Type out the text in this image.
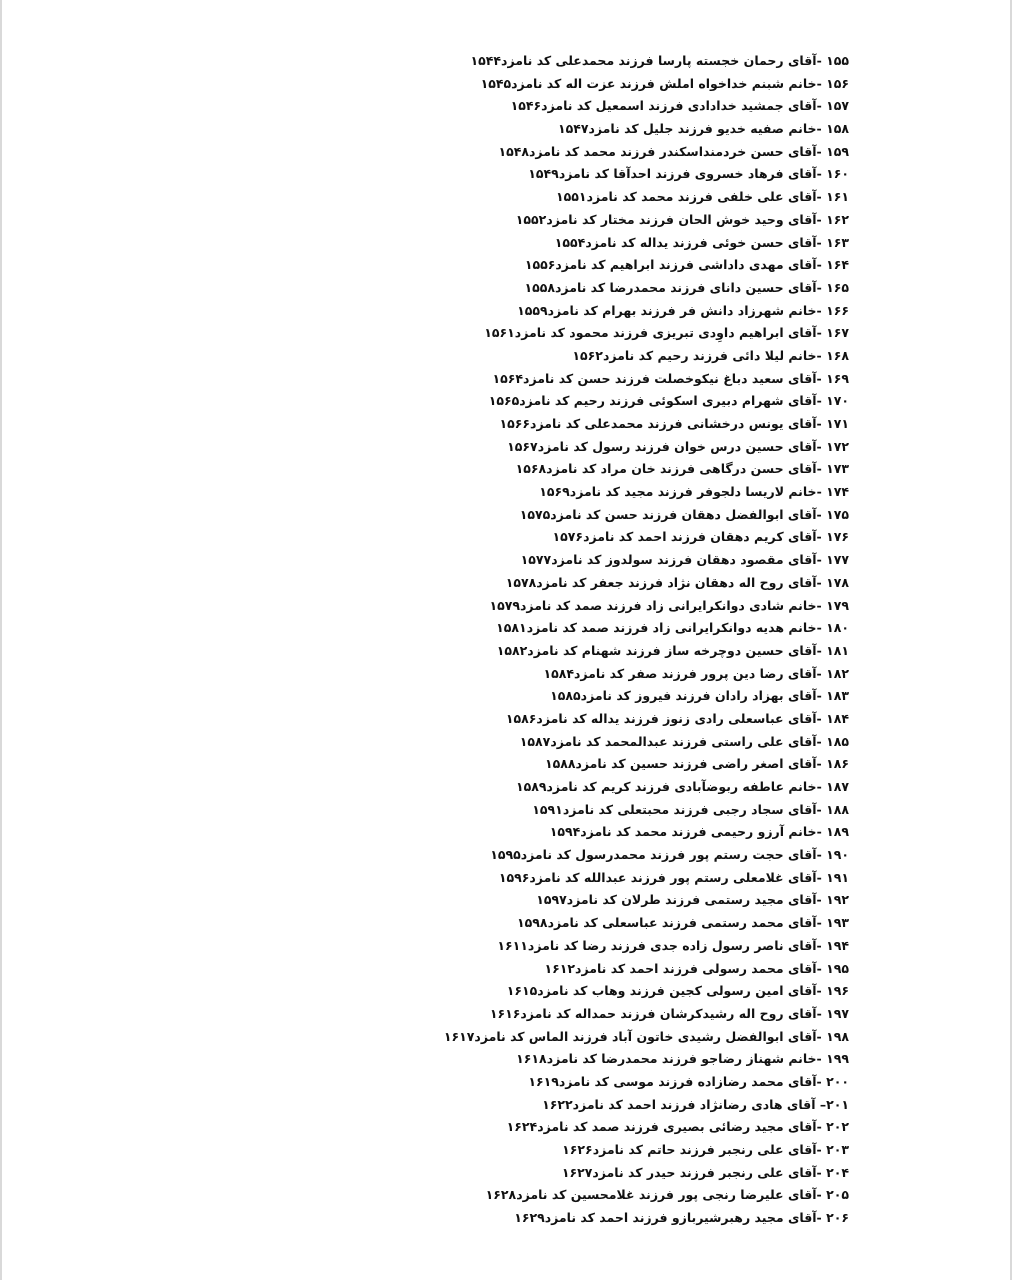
۱۵۵ -آقای رحمان خجسته پارسا فرزند محمدعلی کد نامزد۱۵۴۴
۱۵۶ -خانم شبنم خداخواه املش فرزند عزت اله کد نامزد۱۵۴۵
۱۵۷ -آقای جمشید خدادادی فرزند اسمعیل کد نامزد۱۵۴۶
۱۵۸ -خانم صفیه خدیو فرزند جلیل کد نامزد۱۵۴۷
۱۵۹ -آقای حسن خردمنداسکندر فرزند محمد کد نامزد۱۵۴۸
۱۶۰ -آقای فرهاد خسروی فرزند احدآقا کد نامزد۱۵۴۹
۱۶۱ -آقای علی خلفی فرزند محمد کد نامزد۱۵۵۱
۱۶۲ -آقای وحید خوش الحان فرزند مختار کد نامزد۱۵۵۲
۱۶۳ -آقای حسن خوئی فرزند یداله کد نامزد۱۵۵۴
۱۶۴ -آقای مهدی داداشی فرزند ابراهیم کد نامزد۱۵۵۶
۱۶۵ -آقای حسین دانای فرزند محمدرضا کد نامزد۱۵۵۸
۱۶۶ -خانم شهرزاد دانش فر فرزند بهرام کد نامزد۱۵۵۹
۱۶۷ -آقای ابراهیم داوِدی تبریزی فرزند محمود کد نامزد۱۵۶۱
۱۶۸ -خانم لیلا دائی فرزند رحیم کد نامزد۱۵۶۲
۱۶۹ -آقای سعید دباغ نیکوخصلت فرزند حسن کد نامزد۱۵۶۴
۱۷۰ -آقای شهرام دبیری اسکوئی فرزند رحیم کد نامزد۱۵۶۵
۱۷۱ -آقای یونس درخشانی فرزند محمدعلی کد نامزد۱۵۶۶
۱۷۲ -آقای حسین درس خوان فرزند رسول کد نامزد۱۵۶۷
۱۷۳ -آقای حسن درگاهی فرزند خان مراد کد نامزد۱۵۶۸
۱۷۴ -خانم لاریسا دلجوفر فرزند مجید کد نامزد۱۵۶۹
۱۷۵ -آقای ابوالفضل دهقان فرزند حسن کد نامزد۱۵۷۵
۱۷۶ -آقای کریم دهقان فرزند احمد کد نامزد۱۵۷۶
۱۷۷ -آقای مقصود دهقان فرزند سولدوز کد نامزد۱۵۷۷
۱۷۸ -آقای روح اله دهقان نژاد فرزند جعفر کد نامزد۱۵۷۸
۱۷۹ -خانم شادی دوانکرایرانی زاد فرزند صمد کد نامزد۱۵۷۹
۱۸۰ -خانم هدیه دوانکرایرانی زاد فرزند صمد کد نامزد۱۵۸۱
۱۸۱ -آقای حسین دوچرخه ساز فرزند شهنام کد نامزد۱۵۸۲
۱۸۲ -آقای رضا دین پرور فرزند صفر کد نامزد۱۵۸۴
۱۸۳ -آقای بهزاد رادان فرزند فیروز کد نامزد۱۵۸۵
۱۸۴ -آقای عباسعلی رادی زنوز فرزند یداله کد نامزد۱۵۸۶
۱۸۵ -آقای علی راستی فرزند عبدالمحمد کد نامزد۱۵۸۷
۱۸۶ -آقای اصغر راضی فرزند حسین کد نامزد۱۵۸۸
۱۸۷ -خانم عاطفه ربوضآبادی فرزند کریم کد نامزد۱۵۸۹
۱۸۸ -آقای سجاد رجبی فرزند محبتعلی کد نامزد۱۵۹۱
۱۸۹ -خانم آرزو رحیمی فرزند محمد کد نامزد۱۵۹۴
۱۹۰ -آقای حجت رستم پور فرزند محمدرسول کد نامزد۱۵۹۵
۱۹۱ -آقای غلامعلی رستم پور فرزند عبدالله کد نامزد۱۵۹۶
۱۹۲ -آقای مجید رستمی فرزند طرلان کد نامزد۱۵۹۷
۱۹۳ -آقای محمد رستمی فرزند عباسعلی کد نامزد۱۵۹۸
۱۹۴ -آقای ناصر رسول زاده جدی فرزند رضا کد نامزد۱۶۱۱
۱۹۵ -آقای محمد رسولی فرزند احمد کد نامزد۱۶۱۲
۱۹۶ -آقای امین رسولی کجین فرزند وهاب کد نامزد۱۶۱۵
۱۹۷ -آقای روح اله رشیدکرشان فرزند حمداله کد نامزد۱۶۱۶
۱۹۸ -آقای ابوالفضل رشیدی خاتون آباد فرزند الماس کد نامزد۱۶۱۷
۱۹۹ -خانم شهناز رضاجو فرزند محمدرضا کد نامزد۱۶۱۸
۲۰۰ -آقای محمد رضازاده فرزند موسی کد نامزد۱۶۱۹
۲۰۱– آقای هادی رضانژاد فرزند احمد کد نامزد۱۶۲۲
۲۰۲ -آقای مجید رضائی بصیری فرزند صمد کد نامزد۱۶۲۴
۲۰۳ -آقای علی رنجبر فرزند حاتم کد نامزد۱۶۲۶
۲۰۴ -آقای علی رنجبر فرزند حیدر کد نامزد۱۶۲۷
۲۰۵ -آقای علیرضا رنجی پور فرزند غلامحسین کد نامزد۱۶۲۸
۲۰۶ -آقای مجید رهبرشیربازو فرزند احمد کد نامزد۱۶۲۹
